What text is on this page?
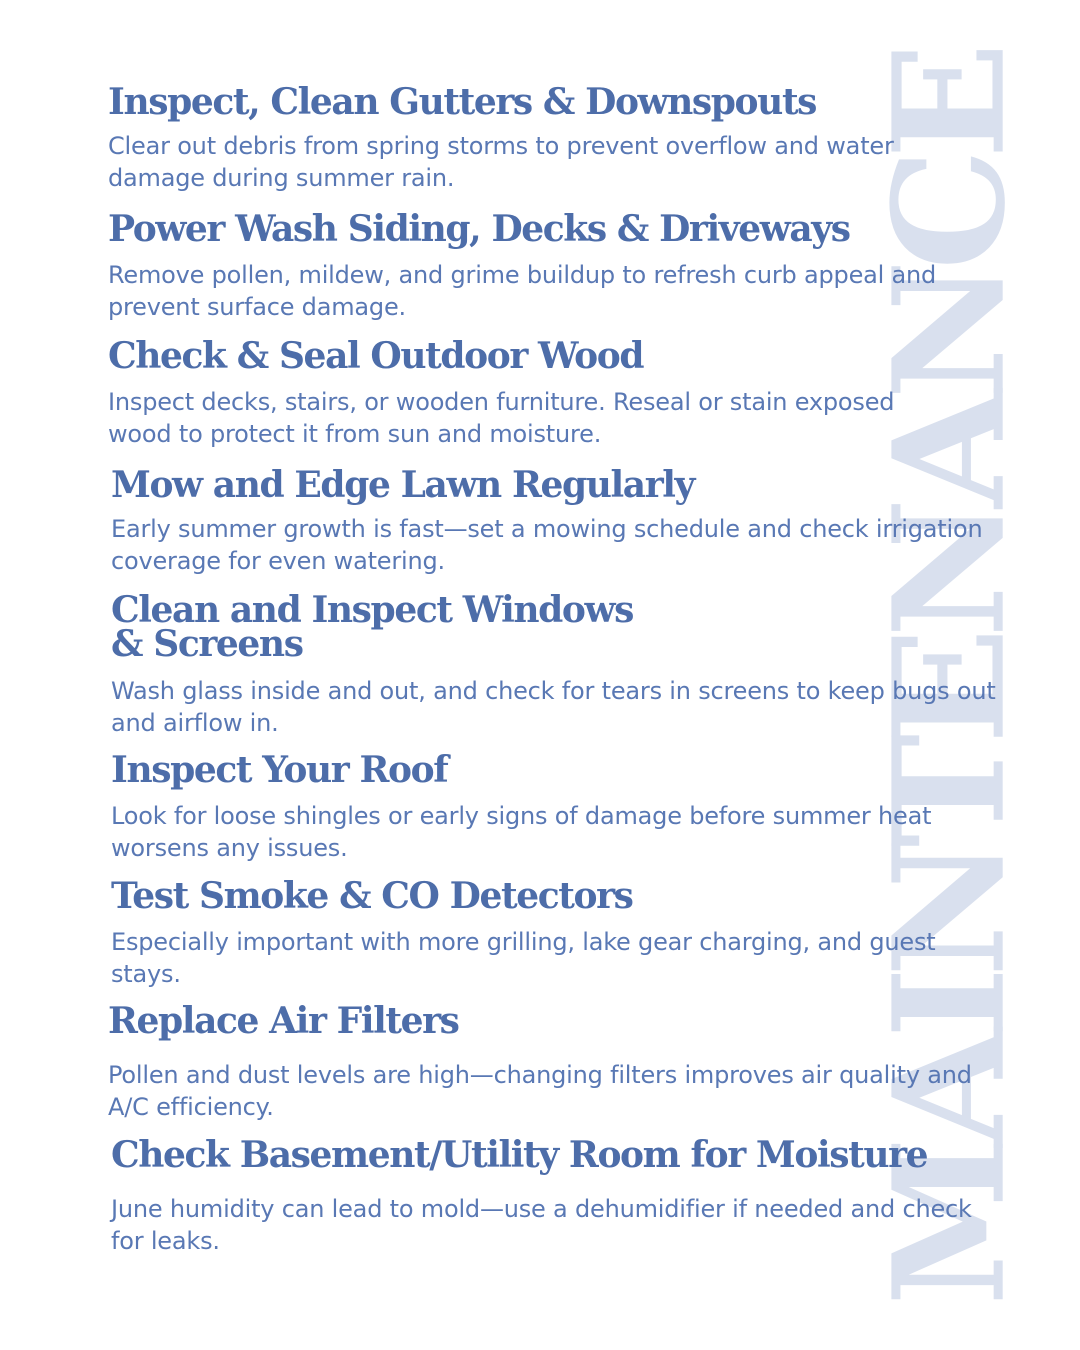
MAINTENANCE
Inspect, Clean Gutters & Downspouts

Clear out debris from spring storms to prevent overflow and water damage during summer rain.

Power Wash Siding, Decks & Driveways

Remove pollen, mildew, and grime buildup to refresh curb appeal and prevent surface damage.

Check & Seal Outdoor Wood

Inspect decks, stairs, or wooden furniture. Reseal or stain exposed wood to protect it from sun and moisture.

Mow and Edge Lawn Regularly

Early summer growth is fast—set a mowing schedule and check irrigation coverage for even watering.

Clean and Inspect Windows & Screens

Wash glass inside and out, and check for tears in screens to keep bugs out and airflow in.

Inspect Your Roof

Look for loose shingles or early signs of damage before summer heat worsens any issues.

Test Smoke & CO Detectors

Especially important with more grilling, lake gear charging, and guest stays.

Replace Air Filters

Pollen and dust levels are high—changing filters improves air quality and A/C efficiency.

Check Basement/Utility Room for Moisture

June humidity can lead to mold—use a dehumidifier if needed and check for leaks.
